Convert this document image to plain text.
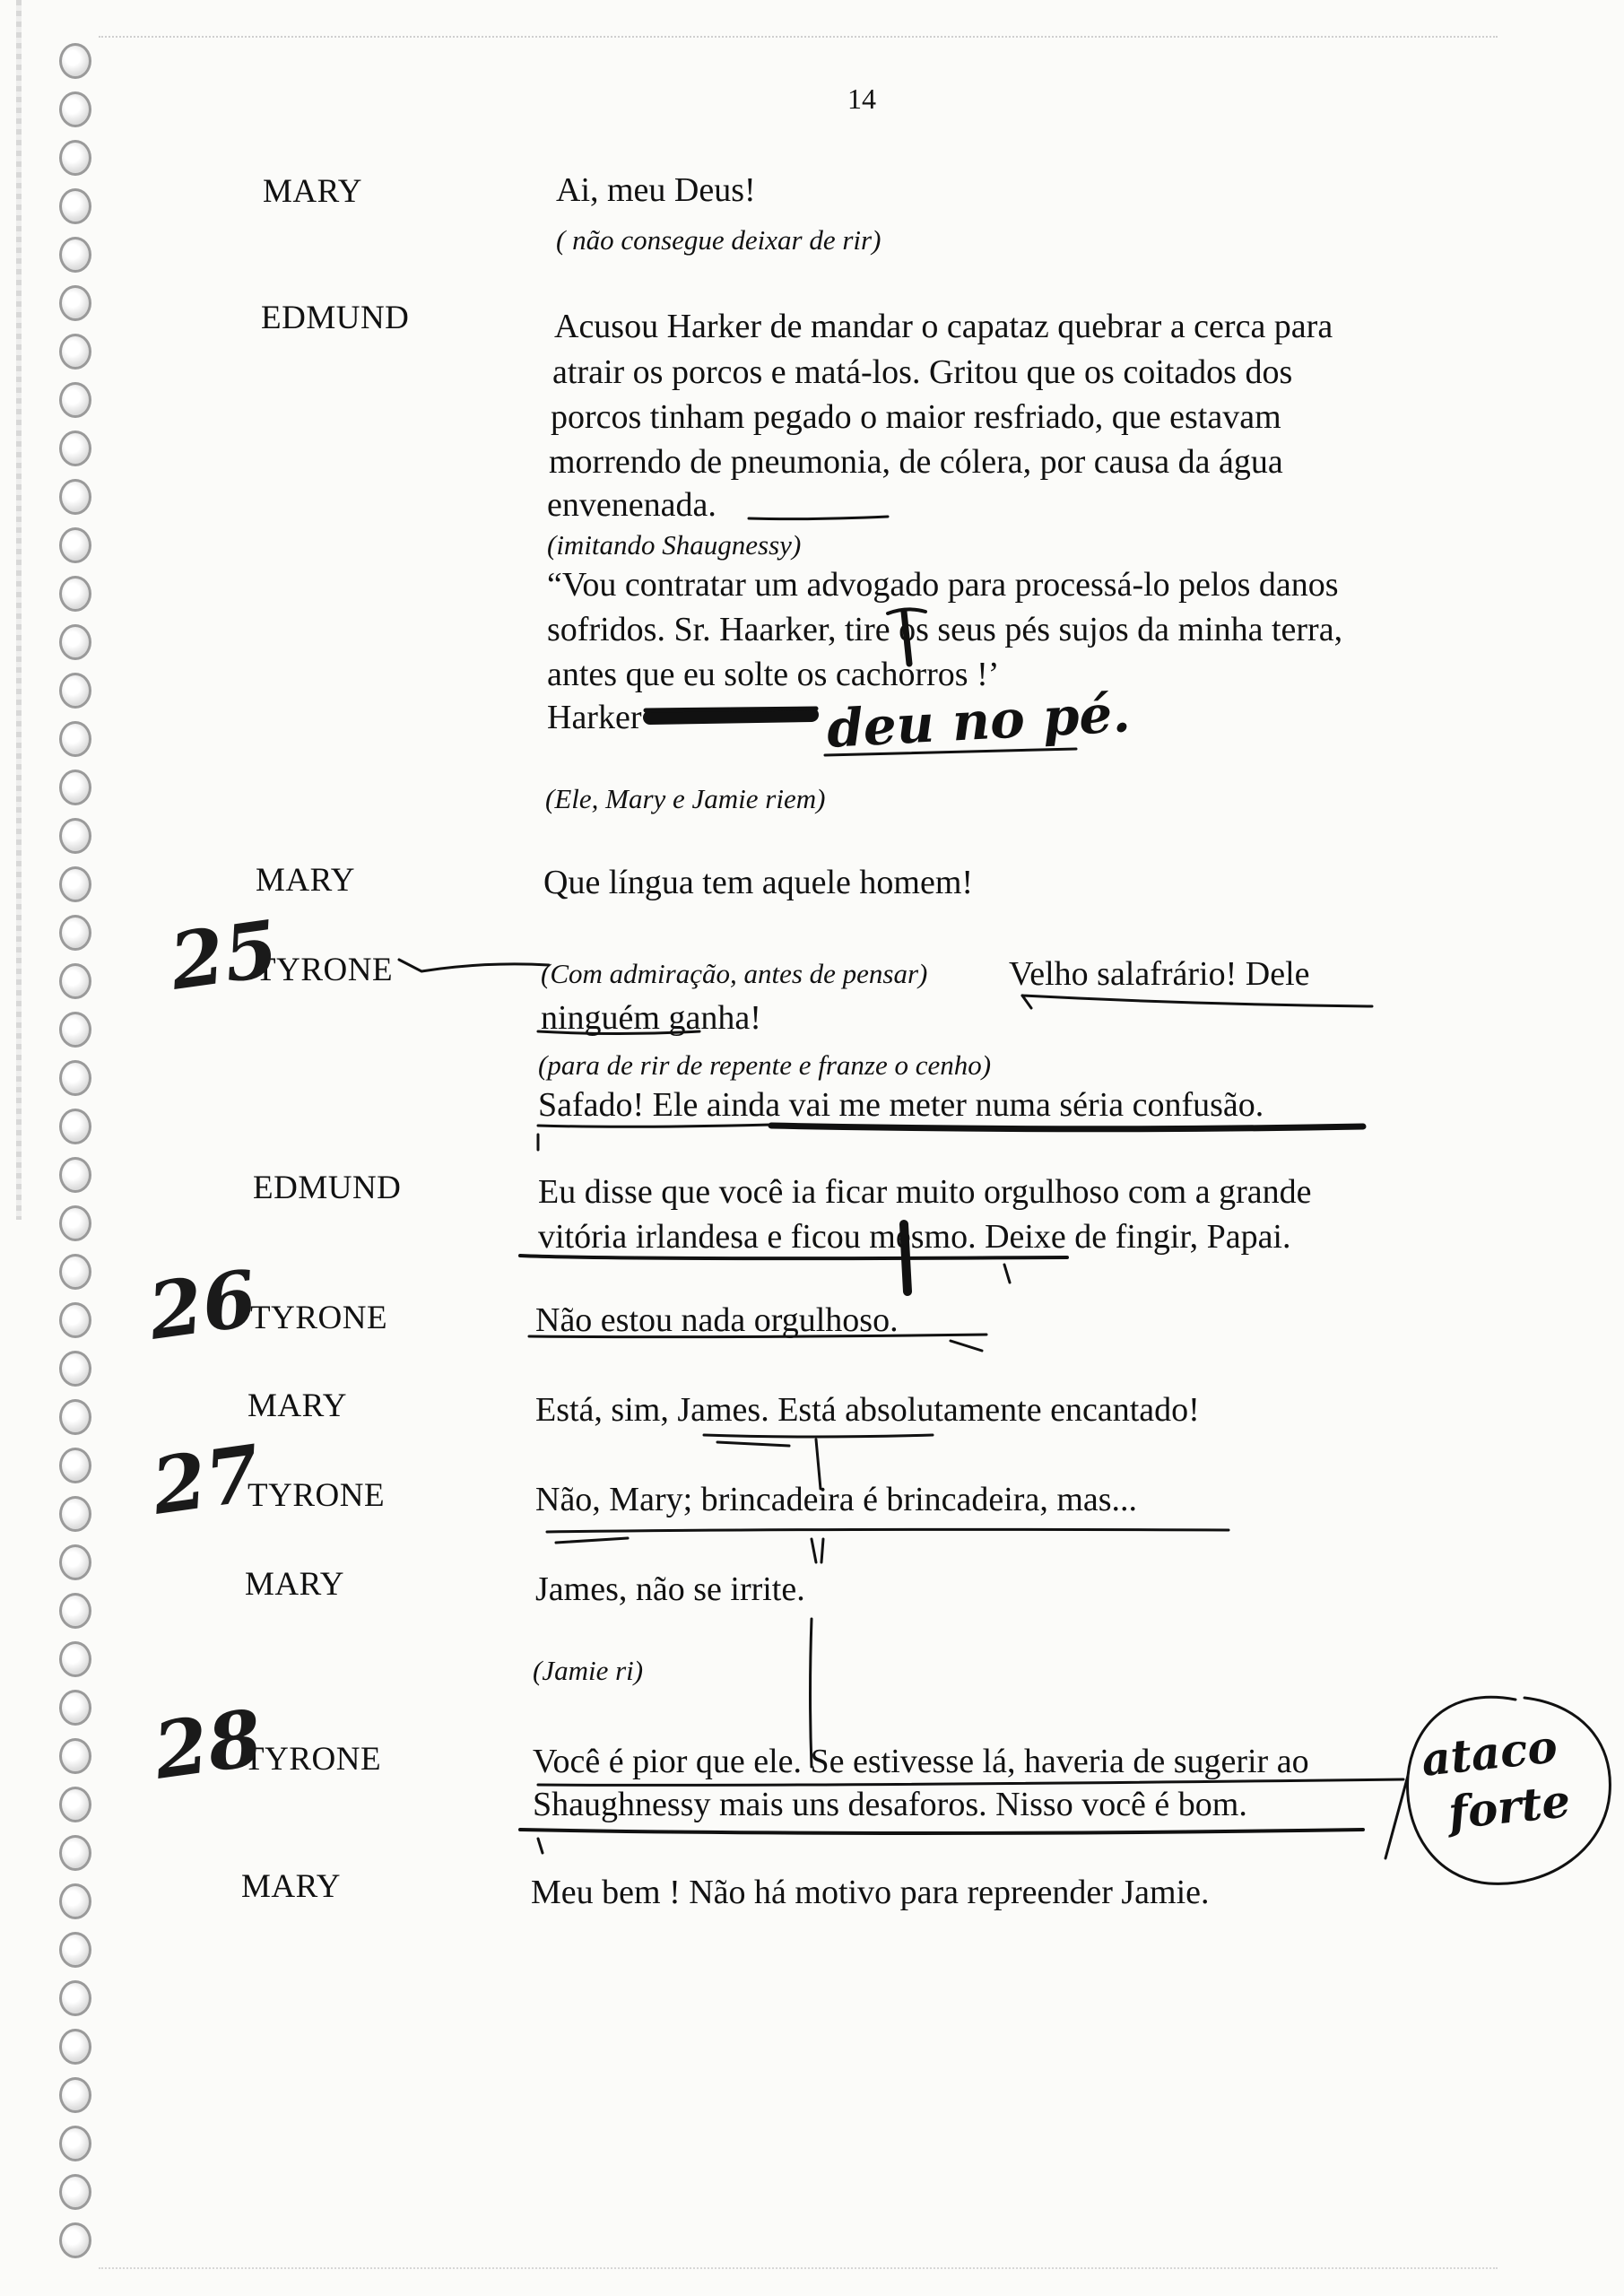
14
MARY
EDMUND
MARY
TYRONE
EDMUND
TYRONE
MARY
TYRONE
MARY
TYRONE
MARY
Ai, meu Deus!
( não consegue deixar de rir)
Acusou Harker de mandar o capataz quebrar a cerca para
atrair os porcos e matá-los. Gritou que os coitados dos
porcos tinham pegado o maior resfriado, que estavam
morrendo de pneumonia, de cólera, por causa da água
envenenada.
(imitando Shaugnessy)
“Vou contratar um advogado para processá-lo pelos danos
sofridos. Sr. Haarker, tire os seus pés sujos da minha terra,
antes que eu solte os cachorros !’
Harker
(Ele, Mary e Jamie riem)
Que língua tem aquele homem!
(Com admiração, antes de pensar) Velho salafrário! Dele
ninguém ganha!
(para de rir de repente e franze o cenho)
Safado! Ele ainda vai me meter numa séria confusão.
Eu disse que você ia ficar muito orgulhoso com a grande
vitória irlandesa e ficou mesmo. Deixe de fingir, Papai.
Não estou nada orgulhoso.
Está, sim, James. Está absolutamente encantado!
Não, Mary; brincadeira é brincadeira, mas...
James, não se irrite.
(Jamie ri)
Você é pior que ele. Se estivesse lá, haveria de sugerir ao
Shaughnessy mais uns desaforos. Nisso você é bom.
Meu bem ! Não há motivo para repreender Jamie.
25
26
27
28
deu no pé.
ataco
forte
